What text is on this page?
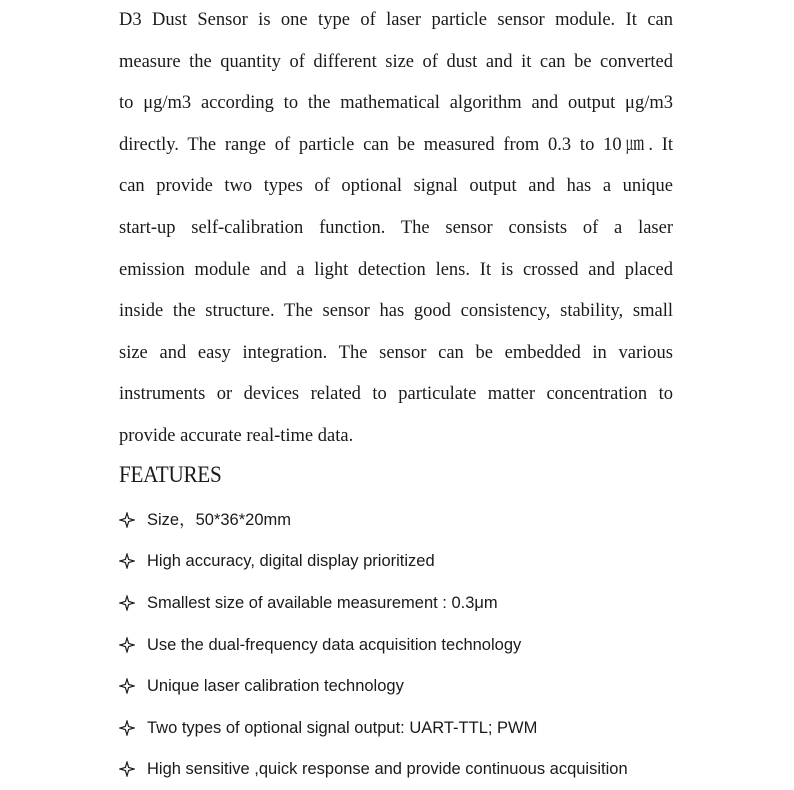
D3 Dust Sensor is one type of laser particle sensor module. It can
measure the quantity of different size of dust and it can be converted
to μg/m3 according to the mathematical algorithm and output μg/m3
directly. The range of particle can be measured from 0.3 to 10㎛. It
can provide two types of optional signal output and has a unique
start-up self-calibration function. The sensor consists of a laser
emission module and a light detection lens. It is crossed and placed
inside the structure. The sensor has good consistency, stability, small
size and easy integration. The sensor can be embedded in various
instruments or devices related to particulate matter concentration to
provide accurate real-time data.
FEATURES
Size，50*36*20mm
High accuracy, digital display prioritized
Smallest size of available measurement : 0.3μm
Use the dual-frequency data acquisition technology
Unique laser calibration technology
Two types of optional signal output: UART-TTL; PWM
High sensitive ,quick response and provide continuous acquisition
